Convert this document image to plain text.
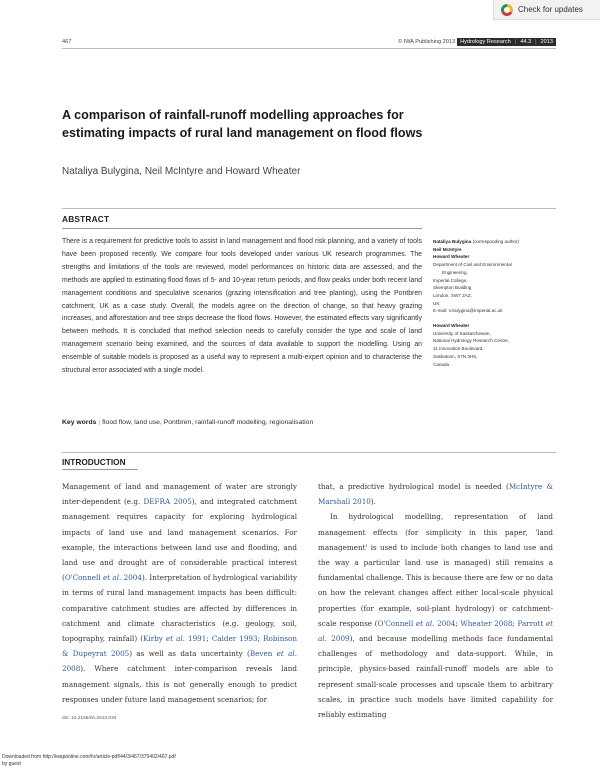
Check for updates
467	© IWA Publishing 2013 Hydrology Research | 44.3 | 2013
A comparison of rainfall-runoff modelling approaches for estimating impacts of rural land management on flood flows
Nataliya Bulygina, Neil McIntyre and Howard Wheater
ABSTRACT

There is a requirement for predictive tools to assist in land management and flood risk planning, and a variety of tools have been proposed recently. We compare four tools developed under various UK research programmes. The strengths and limitations of the tools are reviewed, model performances on historic data are assessed, and the methods are applied to estimating flood flows of 5- and 10-year return periods, and flow peaks under both recent land management conditions and speculative scenarios (grazing intensification and tree planting), using the Pontbren catchment, UK as a case study. Overall, the models agree on the direction of change, so that heavy grazing increases, and afforestation and tree strips decrease the flood flows. However, the estimated effects vary significantly between methods. It is concluded that method selection needs to carefully consider the type and scale of land management scenario being examined, and the sources of data available to support the modelling. Using an ensemble of suitable models is proposed as a useful way to represent a multi-expert opinion and to characterise the structural error associated with a single model.

Key words | flood flow, land use, Pontbren, rainfall-runoff modelling, regionalisation
Nataliya Bulygina (corresponding author)
Neil McIntyre
Howard Wheater
Department of Civil and Environmental
Engineering,
Imperial College,
Skempton Building
London, SW7 2AZ,
UK
E-mail: n.bulygina@imperial.ac.uk
Howard Wheater
University of Saskatchewan,
National Hydrology Research Centre,
11 Innovation Boulevard,
Saskatoon, S7N 3H5,
Canada
INTRODUCTION

Management of land and management of water are strongly inter-dependent (e.g. DEFRA 2005), and integrated catchment management requires capacity for exploring hydrological impacts of land use and land management scenarios. For example, the interactions between land use and flooding, and land use and drought are of considerable practical interest (O'Connell et al. 2004). Interpretation of hydrological variability in terms of rural land management impacts has been difficult: comparative catchment studies are affected by differences in catchment and climate characteristics (e.g. geology, soil, topography, rainfall) (Kirby et al. 1991; Calder 1993; Robinson & Dupeyrat 2005) as well as data uncertainty (Beven et al. 2008). Where catchment inter-comparison reveals land management signals, this is not generally enough to predict responses under future land management scenarios; for

that, a predictive hydrological model is needed (McIntyre & Marshall 2010).

In hydrological modelling, representation of land management effects (for simplicity in this paper, 'land management' is used to include both changes to land use and the way a particular land use is managed) still remains a fundamental challenge. This is because there are few or no data on how the relevant changes affect either local-scale physical properties (for example, soil-plant hydrology) or catchment-scale response (O'Connell et al. 2004; Wheater 2008; Parrott et al. 2009), and because modelling methods face fundamental challenges of methodology and data-support. While, in principle, physics-based rainfall-runoff models are able to represent small-scale processes and upscale them to arbitrary scales, in practice such models have limited capability for reliably estimating

doi: 10.2166/nh.2013.034
Downloaded from http://iwaponline.com/hr/article-pdf/44/3/467/375402/467.pdf
by guest
